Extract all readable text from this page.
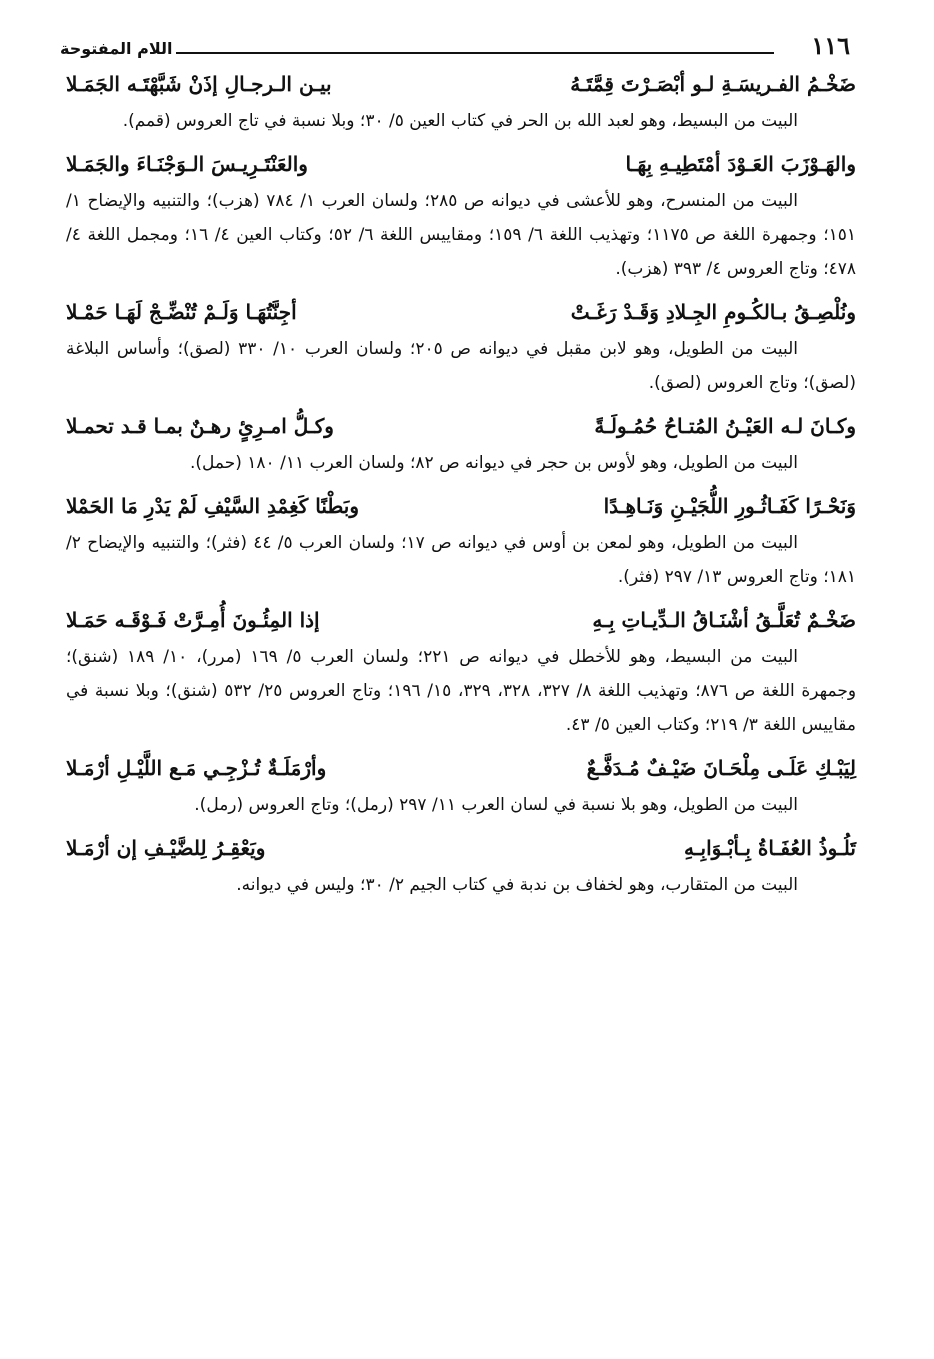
١١٦
اللام المفتوحة
ضَخْـمُ الفـريسَـةِ لـو أبْصَـرْتَ قِمَّتَـهُ
بيـن الـرجـالِ إذَنْ شَبَّهْتَـه الجَمَـلا

البيت من البسيط، وهو لعبد الله بن الحر في كتاب العين ٥/ ٣٠؛ وبلا نسبة في تاج العروس (قمم).

والهَـوْزَبَ العَـوْدَ أمْتَطِيـهِ بِهَـا
والعَنْتَـرِيـسَ الـوَجْنَـاءَ والجَمَـلا

البيت من المنسرح، وهو للأعشى في ديوانه ص ٢٨٥؛ ولسان العرب ١/ ٧٨٤ (هزب)؛ والتنبيه والإيضاح ١/ ١٥١؛ وجمهرة اللغة ص ١١٧٥؛ وتهذيب اللغة ٦/ ١٥٩؛ ومقاييس اللغة ٦/ ٥٢؛ وكتاب العين ٤/ ١٦؛ ومجمل اللغة ٤/ ٤٧٨؛ وتاج العروس ٤/ ٣٩٣ (هزب).

ونُلْصِـقُ بـالكُـومِ الجِـلادِ وَقَـدْ رَغَـتْ
أجِنَّتُهَـا وَلَـمْ تُنْضِّـجْ لَهَـا حَمْـلا

البيت من الطويل، وهو لابن مقبل في ديوانه ص ٢٠٥؛ ولسان العرب ١٠/ ٣٣٠ (لصق)؛ وأساس البلاغة (لصق)؛ وتاج العروس (لصق).

وكـانَ لـه العَيْـنُ المُتـاحُ حُمُـولَـةً
وكـلُّ امـرِئٍ رهـنٌ بمـا قـد تحمـلا

البيت من الطويل، وهو لأوس بن حجر في ديوانه ص ٨٢؛ ولسان العرب ١١/ ١٨٠ (حمل).

وَنَحْـرًا كَفَـاثُـورِ اللُّجَيْـنِ وَنَـاهِـدًا
وبَطْنًا كَغِمْدِ السَّيْفِ لَمْ يَدْرِ مَا الحَمْلا

البيت من الطويل، وهو لمعن بن أوس في ديوانه ص ١٧؛ ولسان العرب ٥/ ٤٤ (فثر)؛ والتنبيه والإيضاح ٢/ ١٨١؛ وتاج العروس ١٣/ ٢٩٧ (فثر).

ضَخْـمٌ تُعَلَّـقُ أشْنَـاقُ الـدِّيـاتِ بِـهِ
إذا المِئُـونَ أُمِـرَّتْ فَـوْقَـه حَمَـلا

البيت من البسيط، وهو للأخطل في ديوانه ص ٢٢١؛ ولسان العرب ٥/ ١٦٩ (مرر)، ١٠/ ١٨٩ (شنق)؛ وجمهرة اللغة ص ٨٧٦؛ وتهذيب اللغة ٨/ ٣٢٧، ٣٢٨، ٣٢٩، ١٥/ ١٩٦؛ وتاج العروس ٢٥/ ٥٣٢ (شنق)؛ وبلا نسبة في مقاييس اللغة ٣/ ٢١٩؛ وكتاب العين ٥/ ٤٣.

لِيَبْـكِ عَلَـى مِلْحَـانَ ضَيْـفٌ مُـدَفَّـعٌ
وأرْمَلَـةٌ تُـزْجِـي مَـع اللَّيْـلِ أرْمَـلا

البيت من الطويل، وهو بلا نسبة في لسان العرب ١١/ ٢٩٧ (رمل)؛ وتاج العروس (رمل).

تَلُـوذُ العُفَـاةُ بِـأبْـوَابِـهِ
ويَعْقِـرُ لِلضَّيْـفِ إن أرْمَـلا

البيت من المتقارب، وهو لخفاف بن ندبة في كتاب الجيم ٢/ ٣٠؛ وليس في ديوانه.
